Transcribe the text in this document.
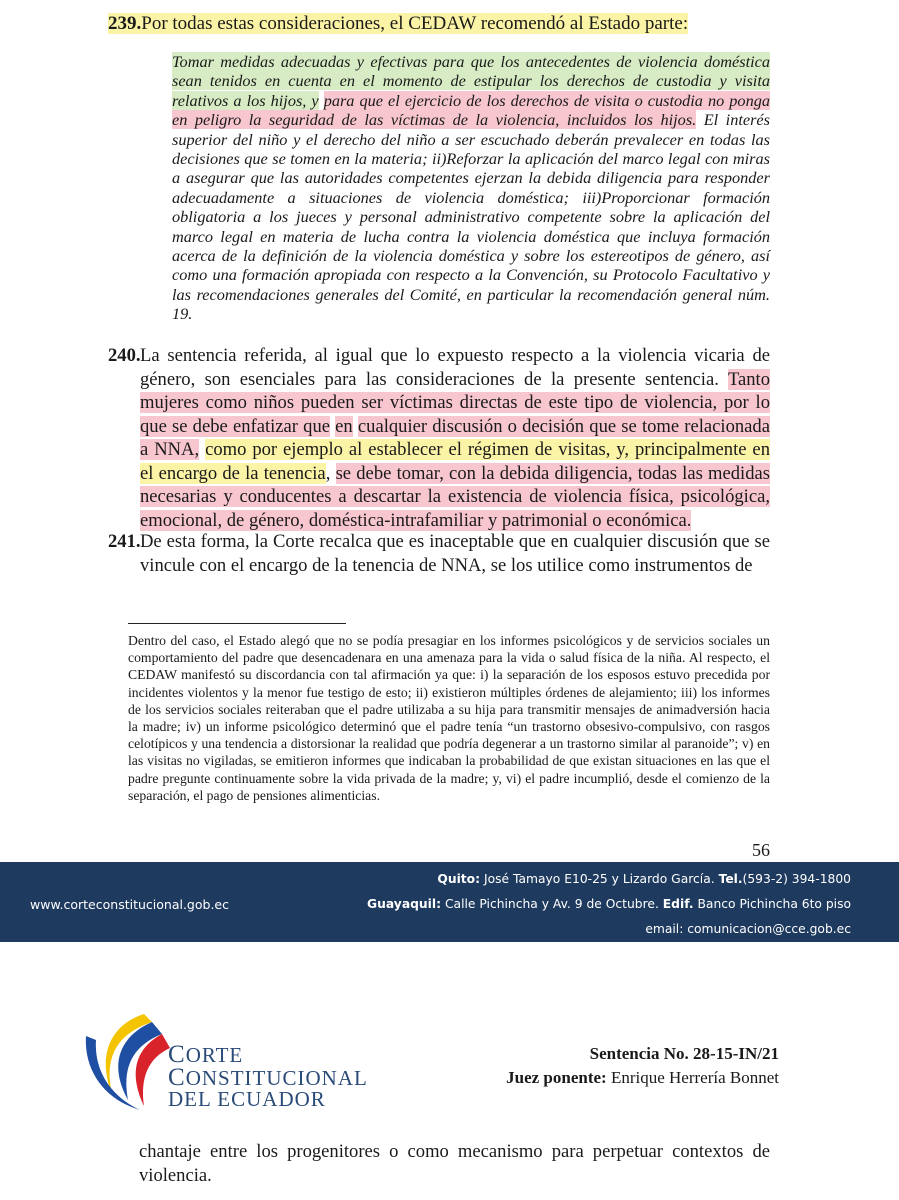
239.Por todas estas consideraciones, el CEDAW recomendó al Estado parte:
Tomar medidas adecuadas y efectivas para que los antecedentes de violencia doméstica sean tenidos en cuenta en el momento de estipular los derechos de custodia y visita relativos a los hijos, y para que el ejercicio de los derechos de visita o custodia no ponga en peligro la seguridad de las víctimas de la violencia, incluidos los hijos. El interés superior del niño y el derecho del niño a ser escuchado deberán prevalecer en todas las decisiones que se tomen en la materia; ii)Reforzar la aplicación del marco legal con miras a asegurar que las autoridades competentes ejerzan la debida diligencia para responder adecuadamente a situaciones de violencia doméstica; iii)Proporcionar formación obligatoria a los jueces y personal administrativo competente sobre la aplicación del marco legal en materia de lucha contra la violencia doméstica que incluya formación acerca de la definición de la violencia doméstica y sobre los estereotipos de género, así como una formación apropiada con respecto a la Convención, su Protocolo Facultativo y las recomendaciones generales del Comité, en particular la recomendación general núm. 19.
240. La sentencia referida, al igual que lo expuesto respecto a la violencia vicaria de género, son esenciales para las consideraciones de la presente sentencia. Tanto mujeres como niños pueden ser víctimas directas de este tipo de violencia, por lo que se debe enfatizar que en cualquier discusión o decisión que se tome relacionada a NNA, como por ejemplo al establecer el régimen de visitas, y, principalmente en el encargo de la tenencia, se debe tomar, con la debida diligencia, todas las medidas necesarias y conducentes a descartar la existencia de violencia física, psicológica, emocional, de género, doméstica-intrafamiliar y patrimonial o económica.
241. De esta forma, la Corte recalca que es inaceptable que en cualquier discusión que se vincule con el encargo de la tenencia de NNA, se los utilice como instrumentos de
Dentro del caso, el Estado alegó que no se podía presagiar en los informes psicológicos y de servicios sociales un comportamiento del padre que desencadenara en una amenaza para la vida o salud física de la niña. Al respecto, el CEDAW manifestó su discordancia con tal afirmación ya que: i) la separación de los esposos estuvo precedida por incidentes violentos y la menor fue testigo de esto; ii) existieron múltiples órdenes de alejamiento; iii) los informes de los servicios sociales reiteraban que el padre utilizaba a su hija para transmitir mensajes de animadversión hacia la madre; iv) un informe psicológico determinó que el padre tenía “un trastorno obsesivo-compulsivo, con rasgos celotípicos y una tendencia a distorsionar la realidad que podría degenerar a un trastorno similar al paranoide”; v) en las visitas no vigiladas, se emitieron informes que indicaban la probabilidad de que existan situaciones en las que el padre pregunte continuamente sobre la vida privada de la madre; y, vi) el padre incumplió, desde el comienzo de la separación, el pago de pensiones alimenticias.
56
www.corteconstitucional.gob.ec
Quito: José Tamayo E10-25 y Lizardo García. Tel.(593-2) 394-1800
Guayaquil: Calle Pichincha y Av. 9 de Octubre. Edif. Banco Pichincha 6to piso
email: comunicacion@cce.gob.ec
CORTE
CONSTITUCIONAL
DEL ECUADOR
Sentencia No. 28-15-IN/21
Juez ponente: Enrique Herrería Bonnet
chantaje entre los progenitores o como mecanismo para perpetuar contextos de violencia.
